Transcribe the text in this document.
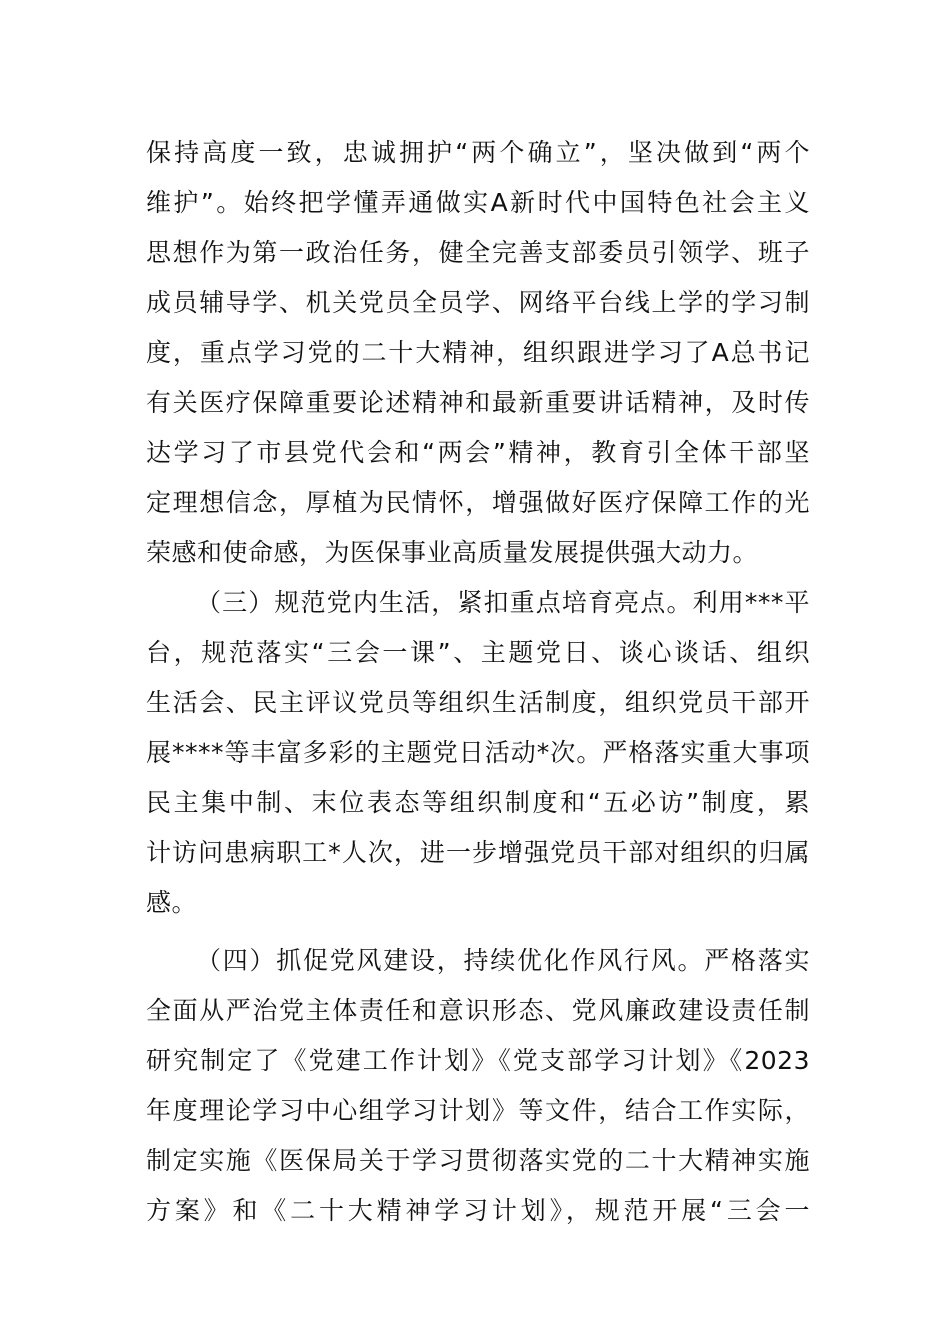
保持高度一致，忠诚拥护“两个确立”，坚决做到“两个
维护”。始终把学懂弄通做实A新时代中国特色社会主义
思想作为第一政治任务，健全完善支部委员引领学、班子
成员辅导学、机关党员全员学、网络平台线上学的学习制
度，重点学习党的二十大精神，组织跟进学习了A总书记
有关医疗保障重要论述精神和最新重要讲话精神，及时传
达学习了市县党代会和“两会”精神，教育引全体干部坚
定理想信念，厚植为民情怀，增强做好医疗保障工作的光
荣感和使命感，为医保事业高质量发展提供强大动力。
（三）规范党内生活，紧扣重点培育亮点。利用***平
台，规范落实“三会一课”、主题党日、谈心谈话、组织
生活会、民主评议党员等组织生活制度，组织党员干部开
展****等丰富多彩的主题党日活动*次。严格落实重大事项
民主集中制、末位表态等组织制度和“五必访”制度，累
计访问患病职工*人次，进一步增强党员干部对组织的归属
感。
（四）抓促党风建设，持续优化作风行风。严格落实
全面从严治党主体责任和意识形态、党风廉政建设责任制
研究制定了《党建工作计划》《党支部学习计划》《2023
年度理论学习中心组学习计划》等文件，结合工作实际，
制定实施《医保局关于学习贯彻落实党的二十大精神实施
方案》和《二十大精神学习计划》，规范开展“三会一
